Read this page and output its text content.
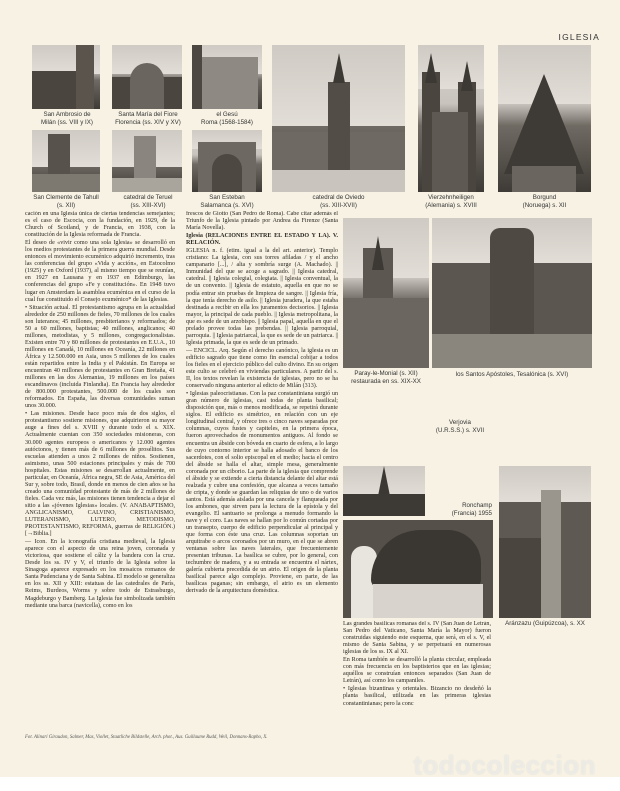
IGLESIA
San Ambrosio de
Milán (ss. VIII y IX)
Santa María del Fiore
Florencia (ss. XIV y XV)
el Gesú
Roma (1568-1584)
catedral de Oviedo
(ss. XIII-XVII)
Vierzehnheiligen
(Alemania) s. XVIII
Borgund
(Noruega) s. XII
San Clemente de Tahull
(s. XII)
catedral de Teruel
(ss. XIII-XVI)
San Esteban
Salamanca (s. XVI)
Paray-le-Monial (s. XII)
restaurada en ss. XIX-XX
los Santos Apóstoles, Tesalónica (s. XVI)
Verjovia
(U.R.S.S.) s. XVII
Ronchamp
(Francia) 1955
Aránzazu (Guipúzcoa), s. XX

cación en una Iglesia única de ciertas tendencias semejantes; es el caso de Escocia, con la fundación, en 1929, de la Church of Scotland, y de Francia, en 1938, con la constitución de la Iglesia reformada de Francia.

El deseo de «vivir como una sola Iglesia» se desarrolló en los medios protestantes de la primera guerra mundial. Desde entonces el movimiento ecuménico adquirió incremento, tras las conferencias del grupo «Vida y acción», en Estocolmo (1925) y en Oxford (1937), al mismo tiempo que se reunían, en 1927 en Lausana y en 1937 en Edimburgo, las conferencias del grupo «Fe y constitución». En 1948 tuvo lugar en Amsterdam la asamblea ecuménica en el curso de la cual fue constituido el Consejo ecuménico* de las Iglesias.

• Situación actual. El protestantismo agrupa en la actualidad alrededor de 250 millones de fieles, 70 millones de los cuales son luteranos; 45 millones, presbiterianos y reformados; de 50 a 60 millones, baptistas; 40 millones, anglicanos; 40 millones, metodistas, y 5 millones, congregacionalistas. Existen entre 70 y 80 millones de protestantes en E.U.A., 10 millones en Canadá, 10 millones en Oceanía, 22 millones en África y 12.500.000 en Asia, unos 5 millones de los cuales están repartidos entre la India y el Pakistán. En Europa se encuentran 40 millones de protestantes en Gran Bretaña, 41 millones en las dos Alemanias, 19 millones en los países escandinavos (incluida Finlandia). En Francia hay alrededor de 800.000 protestantes, 500.000 de los cuales son reformados. En España, las diversas comunidades suman unos 30.000.

• Las misiones. Desde hace poco más de dos siglos, el protestantismo sostiene misiones, que adquirieron su mayor auge a fines del s. XVIII y durante todo el s. XIX. Actualmente cuentan con 350 sociedades misioneras, con 30.000 agentes europeos o americanos y 12.000 agentes autóctonos, y tienen más de 6 millones de prosélitos. Sus escuelas atienden a unos 2 millones de niños. Sostienen, asimismo, unas 500 estaciones principales y más de 700 hospitales. Estas misiones se desarrollan actualmente, en particular, en Oceanía, África negra, SE de Asia, América del Sur y, sobre todo, Brasil, donde en menos de cien años se ha creado una comunidad protestante de más de 2 millones de fieles. Cada vez más, las misiones tienen tendencia a dejar el sitio a las «jóvenes Iglesias» locales. (V. ANABAPTISMO, ANGLICANISMO, CALVINO, CRISTIANISMO, LUTERANISMO, LUTERO, METODISMO, PROTESTANTISMO, REFORMA, guerras de RELIGIÓN.) [→Biblia.]

— Icon. En la iconografía cristiana medieval, la Iglesia aparece con el aspecto de una reina joven, coronada y victoriosa, que sostiene el cáliz y la bandera con la cruz. Desde los ss. IV y V, el triunfo de la Iglesia sobre la Sinagoga aparece expresado en los mosaicos romanos de Santa Pudenciana y de Santa Sabina. El modelo se generaliza en los ss. XII y XIII: estatuas de las catedrales de París, Reims, Burdeos, Worms y sobre todo de Estrasburgo, Magdeburgo y Bamberg. La Iglesia fue simbolizada también mediante una barca (navicella), como en los

frescos de Giotto (San Pedro de Roma). Cabe citar además el Triunfo de la Iglesia pintado por Andrea da Firenze (Santa María Novella).

Iglesia (RELACIONES ENTRE EL ESTADO Y LA). V. RELACIÓN.

IGLESIA n. f. (etim. igual a la del art. anterior). Templo cristiano: La iglesia, con sus torres afiladas / y el ancho campanario [...], / alta y sombría surge (A. Machado). || Inmunidad del que se acoge a sagrado. || Iglesia catedral, catedral. || Iglesia colegial, colegiata. || Iglesia conventual, la de un convento. || Iglesia de estatuto, aquella en que no se podía entrar sin pruebas de limpieza de sangre. || Iglesia fría, la que tenía derecho de asilo. || Iglesia juradera, la que estaba destinada a recibir en ella los juramentos decisorios. || Iglesia mayor, la principal de cada pueblo. || Iglesia metropolitana, la que es sede de un arzobispo. || Iglesia papal, aquella en que el prelado provee todas las prebendas. || Iglesia parroquial, parroquia. || Iglesia patriarcal, la que es sede de un patriarca. || Iglesia primada, la que es sede de un primado.

— ENCICL. Arq. Según el derecho canónico, la iglesia es un edificio sagrado que tiene como fin esencial cobijar a todos los fieles en el ejercicio público del culto divino. En su origen este culto se celebró en viviendas particulares. A partir del s. II, los textos revelan la existencia de iglesias, pero no se ha conservado ninguna anterior al edicto de Milán (313).

• Iglesias paleocristianas. Con la paz constantiniana surgió un gran número de iglesias, casi todas de planta basilical; disposición que, más o menos modificada, se repetirá durante siglos. El edificio es simétrico, en relación con un eje longitudinal central, y ofrece tres o cinco naves separadas por columnas, cuyos fustes y capiteles, en la primera época, fueron aprovechados de monumentos antiguos. Al fondo se encuentra un ábside con bóveda en cuarto de esfera, a lo largo de cuyo contorno interior se halla adosado el banco de los sacerdotes, con el solio episcopal en el medio; hacia el centro del ábside se halla el altar, simple mesa, generalmente coronada por un ciborio. La parte de la iglesia que comprende el ábside y se extiende a cierta distancia delante del altar está realzada y cubre una confesión, que alcanza a veces tamaño de cripta, y donde se guardan las reliquias de uno o de varios santos. Está además aislada por una cancela y flanqueada por los ambones, que sirven para la lectura de la epístola y del evangelio. El santuario se prolonga a menudo formando la nave y el coro. Las naves se hallan por lo común cortadas por un transepto, cuerpo de edificio perpendicular al principal y que forma con éste una cruz. Las columnas soportan un arquitrabe o arcos coronados por un muro, en el que se abren ventanas sobre las naves laterales, que frecuentemente presentan tribunas. La basílica se cubre, por lo general, con techumbre de madera, y a su entrada se encuentra el nártex, galería cubierta precedida de un atrio. El origen de la planta basilical parece algo complejo. Proviene, en parte, de las basílicas paganas; sin embargo, el atrio es un elemento derivado de la arquitectura doméstica.

Las grandes basílicas romanas del s. IV (San Juan de Letrán, San Pedro del Vaticano, Santa María la Mayor) fueron construidas siguiendo este esquema, que será, en el s. V, el mismo de Santa Sabina, y se perpetuará en numerosas iglesias de los ss. IX al XI.

En Roma también se desarrolló la planta circular, empleada con más frecuencia en los baptisterios que en las iglesias; aquéllos se construían entonces separados (San Juan de Letrán), así como los campaniles.

• Iglesias bizantinas y orientales. Bizancio no desdeñó la planta basilical, utilizada en las primeras iglesias constantinianas; pero la conc

Fot. Alinari Giraudon, Salmer, Mas, Viollet, Staatliche Bildstelle, Arch. phot., Aus. Guillaume Rudd, Weil, Donnans-Rapho, X.
todocoleccion
